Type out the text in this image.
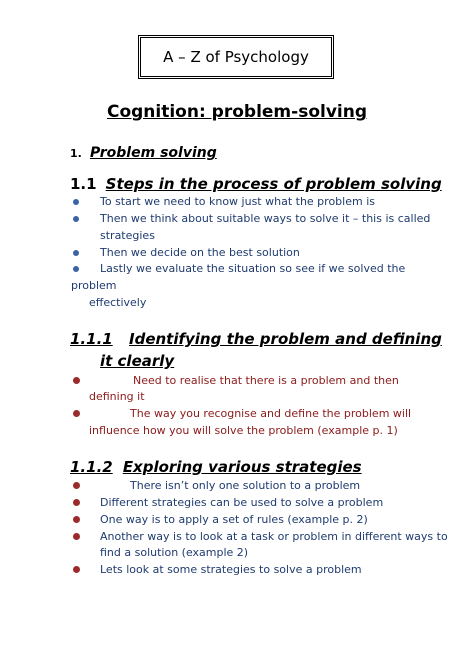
A – Z of Psychology
Cognition: problem-solving
1. Problem solving
1.1 Steps in the process of problem solving
To start we need to know just what the problem is
Then we think about suitable ways to solve it – this is called
strategies
Then we decide on the best solution
Lastly we evaluate the situation so see if we solved the
problem
effectively
1.1.1 Identifying the problem and defining
it clearly
Need to realise that there is a problem and then
defining it
The way you recognise and define the problem will
influence how you will solve the problem (example p. 1)
1.1.2 Exploring various strategies
There isn’t only one solution to a problem
Different strategies can be used to solve a problem
One way is to apply a set of rules (example p. 2)
Another way is to look at a task or problem in different ways to
find a solution (example 2)
Lets look at some strategies to solve a problem
